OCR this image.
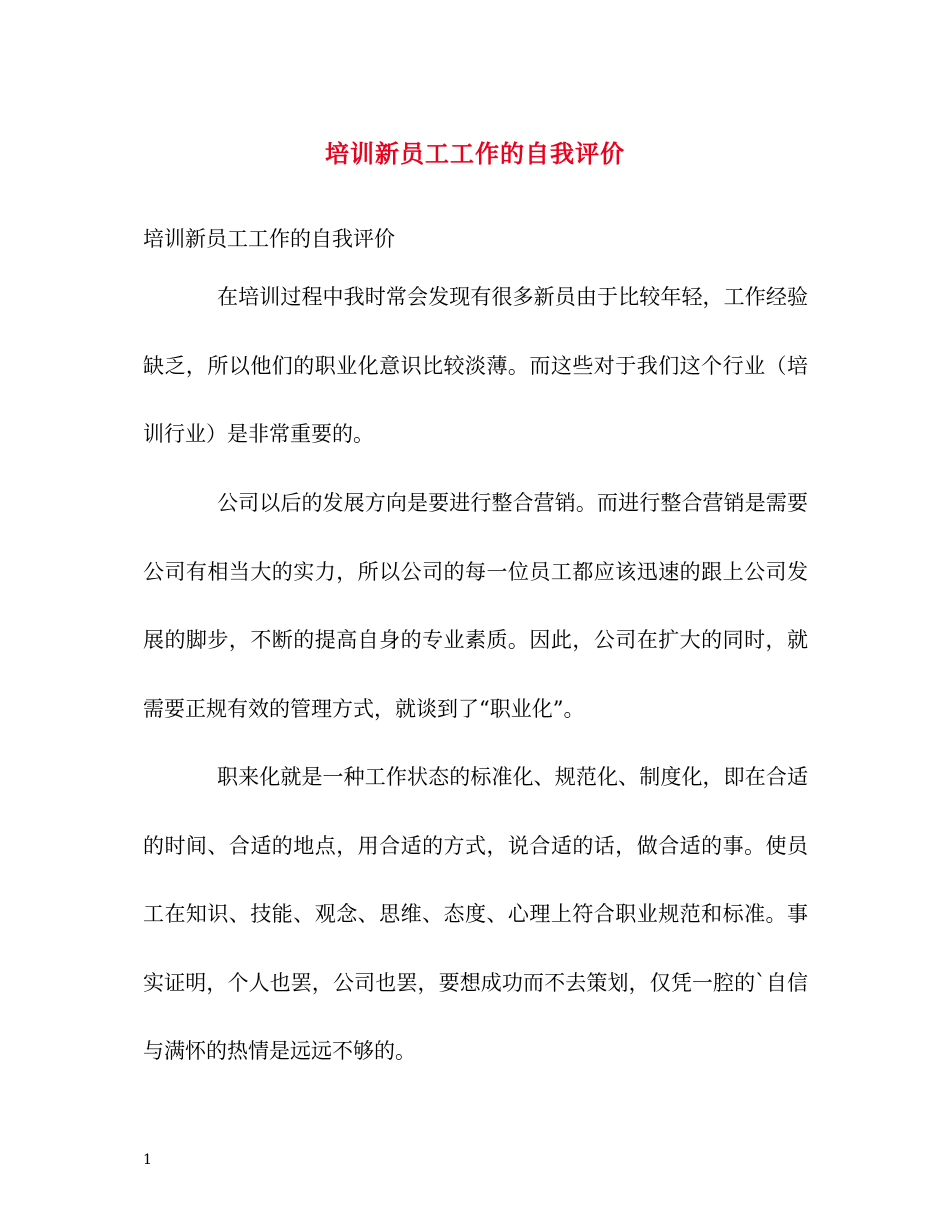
培训新员工工作的自我评价
培训新员工工作的自我评价

在培训过程中我时常会发现有很多新员由于比较年轻，工作经验缺乏，所以他们的职业化意识比较淡薄。而这些对于我们这个行业（培训行业）是非常重要的。

公司以后的发展方向是要进行整合营销。而进行整合营销是需要公司有相当大的实力，所以公司的每一位员工都应该迅速的跟上公司发展的脚步，不断的提高自身的专业素质。因此，公司在扩大的同时，就需要正规有效的管理方式，就谈到了“职业化”。

职来化就是一种工作状态的标准化、规范化、制度化，即在合适的时间、合适的地点，用合适的方式，说合适的话，做合适的事。使员工在知识、技能、观念、思维、态度、心理上符合职业规范和标准。事实证明，个人也罢，公司也罢，要想成功而不去策划，仅凭一腔的`自信与满怀的热情是远远不够的。

1
